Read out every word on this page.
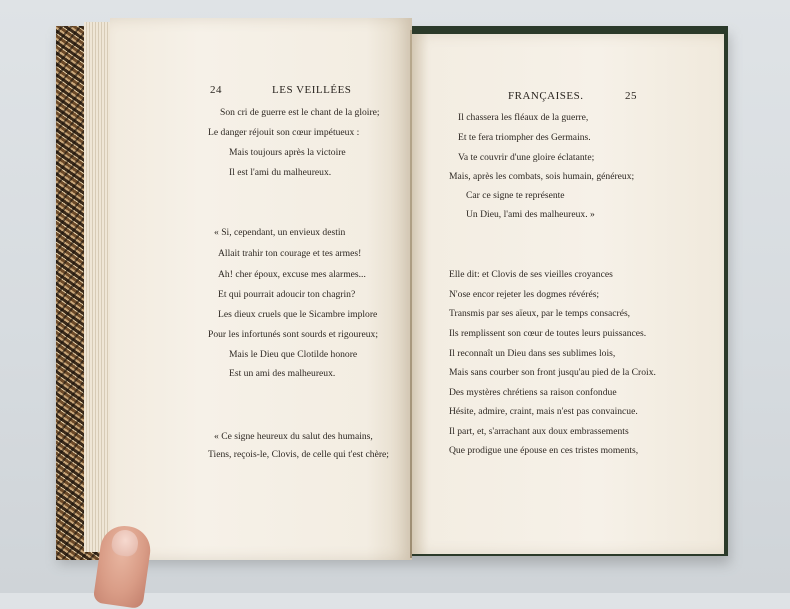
24	LES VEILLÉES
Son cri de guerre est le chant de la gloire;
Le danger réjouit son cœur impétueux :
Mais toujours après la victoire
Il est l'ami du malheureux.
« Si, cependant, un envieux destin
Allait trahir ton courage et tes armes!
Ah! cher époux, excuse mes alarmes...
Et qui pourrait adoucir ton chagrin?
Les dieux cruels que le Sicambre implore
Pour les infortunés sont sourds et rigoureux;
Mais le Dieu que Clotilde honore
Est un ami des malheureux.
« Ce signe heureux du salut des humains,
Tiens, reçois-le, Clovis, de celle qui t'est chère;
FRANÇAISES.	25
Il chassera les fléaux de la guerre,
Et te fera triompher des Germains.
Va te couvrir d'une gloire éclatante;
Mais, après les combats, sois humain, généreux;
Car ce signe te représente
Un Dieu, l'ami des malheureux. »
Elle dit: et Clovis de ses vieilles croyances
N'ose encor rejeter les dogmes révérés;
Transmis par ses aïeux, par le temps consacrés,
Ils remplissent son cœur de toutes leurs puissances.
Il reconnaît un Dieu dans ses sublimes lois,
Mais sans courber son front jusqu'au pied de la Croix.
Des mystères chrétiens sa raison confondue
Hésite, admire, craint, mais n'est pas convaincue.
Il part, et, s'arrachant aux doux embrassements
Que prodigue une épouse en ces tristes moments,
